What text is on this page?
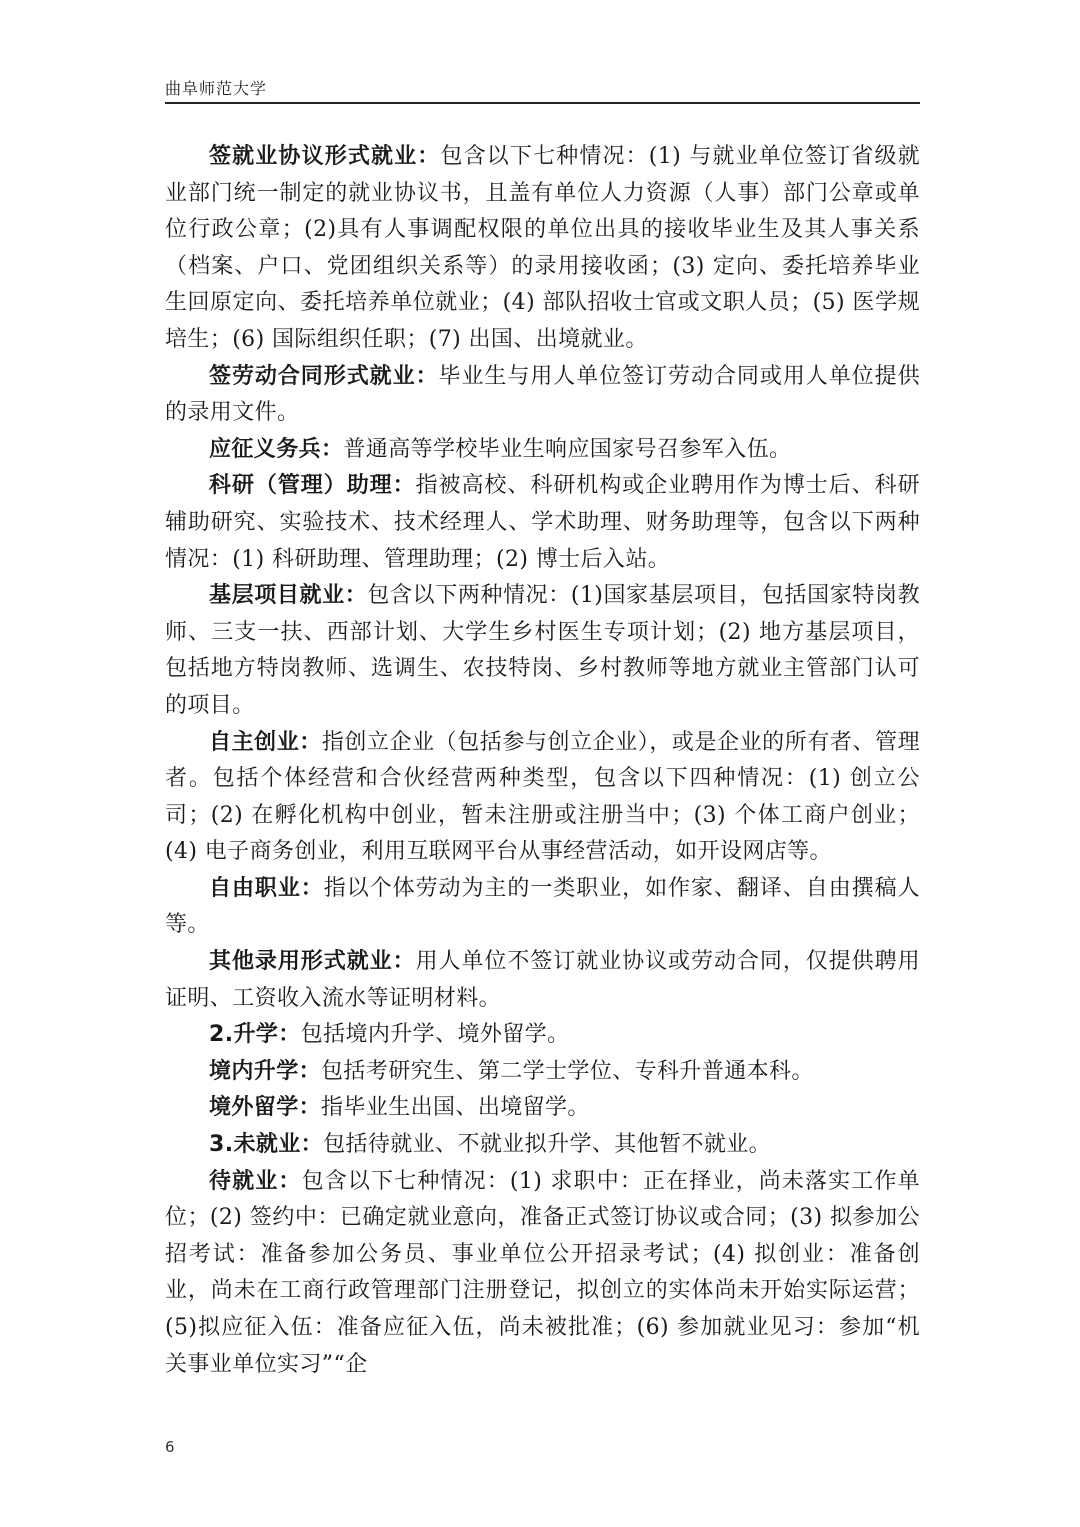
曲阜师范大学

签就业协议形式就业：包含以下七种情况：(1) 与就业单位签订省级就业部门统一制定的就业协议书，且盖有单位人力资源（人事）部门公章或单位行政公章；(2)具有人事调配权限的单位出具的接收毕业生及其人事关系（档案、户口、党团组织关系等）的录用接收函；(3) 定向、委托培养毕业生回原定向、委托培养单位就业；(4) 部队招收士官或文职人员；(5) 医学规培生；(6) 国际组织任职；(7) 出国、出境就业。

签劳动合同形式就业：毕业生与用人单位签订劳动合同或用人单位提供的录用文件。

应征义务兵：普通高等学校毕业生响应国家号召参军入伍。

科研（管理）助理：指被高校、科研机构或企业聘用作为博士后、科研辅助研究、实验技术、技术经理人、学术助理、财务助理等，包含以下两种情况：(1) 科研助理、管理助理；(2) 博士后入站。

基层项目就业：包含以下两种情况：(1)国家基层项目，包括国家特岗教师、三支一扶、西部计划、大学生乡村医生专项计划；(2) 地方基层项目，包括地方特岗教师、选调生、农技特岗、乡村教师等地方就业主管部门认可的项目。

自主创业：指创立企业（包括参与创立企业），或是企业的所有者、管理者。包括个体经营和合伙经营两种类型，包含以下四种情况：(1) 创立公司；(2) 在孵化机构中创业，暂未注册或注册当中；(3) 个体工商户创业；(4) 电子商务创业，利用互联网平台从事经营活动，如开设网店等。

自由职业：指以个体劳动为主的一类职业，如作家、翻译、自由撰稿人等。

其他录用形式就业：用人单位不签订就业协议或劳动合同，仅提供聘用证明、工资收入流水等证明材料。

2.升学：包括境内升学、境外留学。

境内升学：包括考研究生、第二学士学位、专科升普通本科。

境外留学：指毕业生出国、出境留学。

3.未就业：包括待就业、不就业拟升学、其他暂不就业。

待就业：包含以下七种情况：(1) 求职中：正在择业，尚未落实工作单位；(2) 签约中：已确定就业意向，准备正式签订协议或合同；(3) 拟参加公招考试：准备参加公务员、事业单位公开招录考试；(4) 拟创业：准备创业，尚未在工商行政管理部门注册登记，拟创立的实体尚未开始实际运营；(5)拟应征入伍：准备应征入伍，尚未被批准；(6) 参加就业见习：参加“机关事业单位实习”“企

6
